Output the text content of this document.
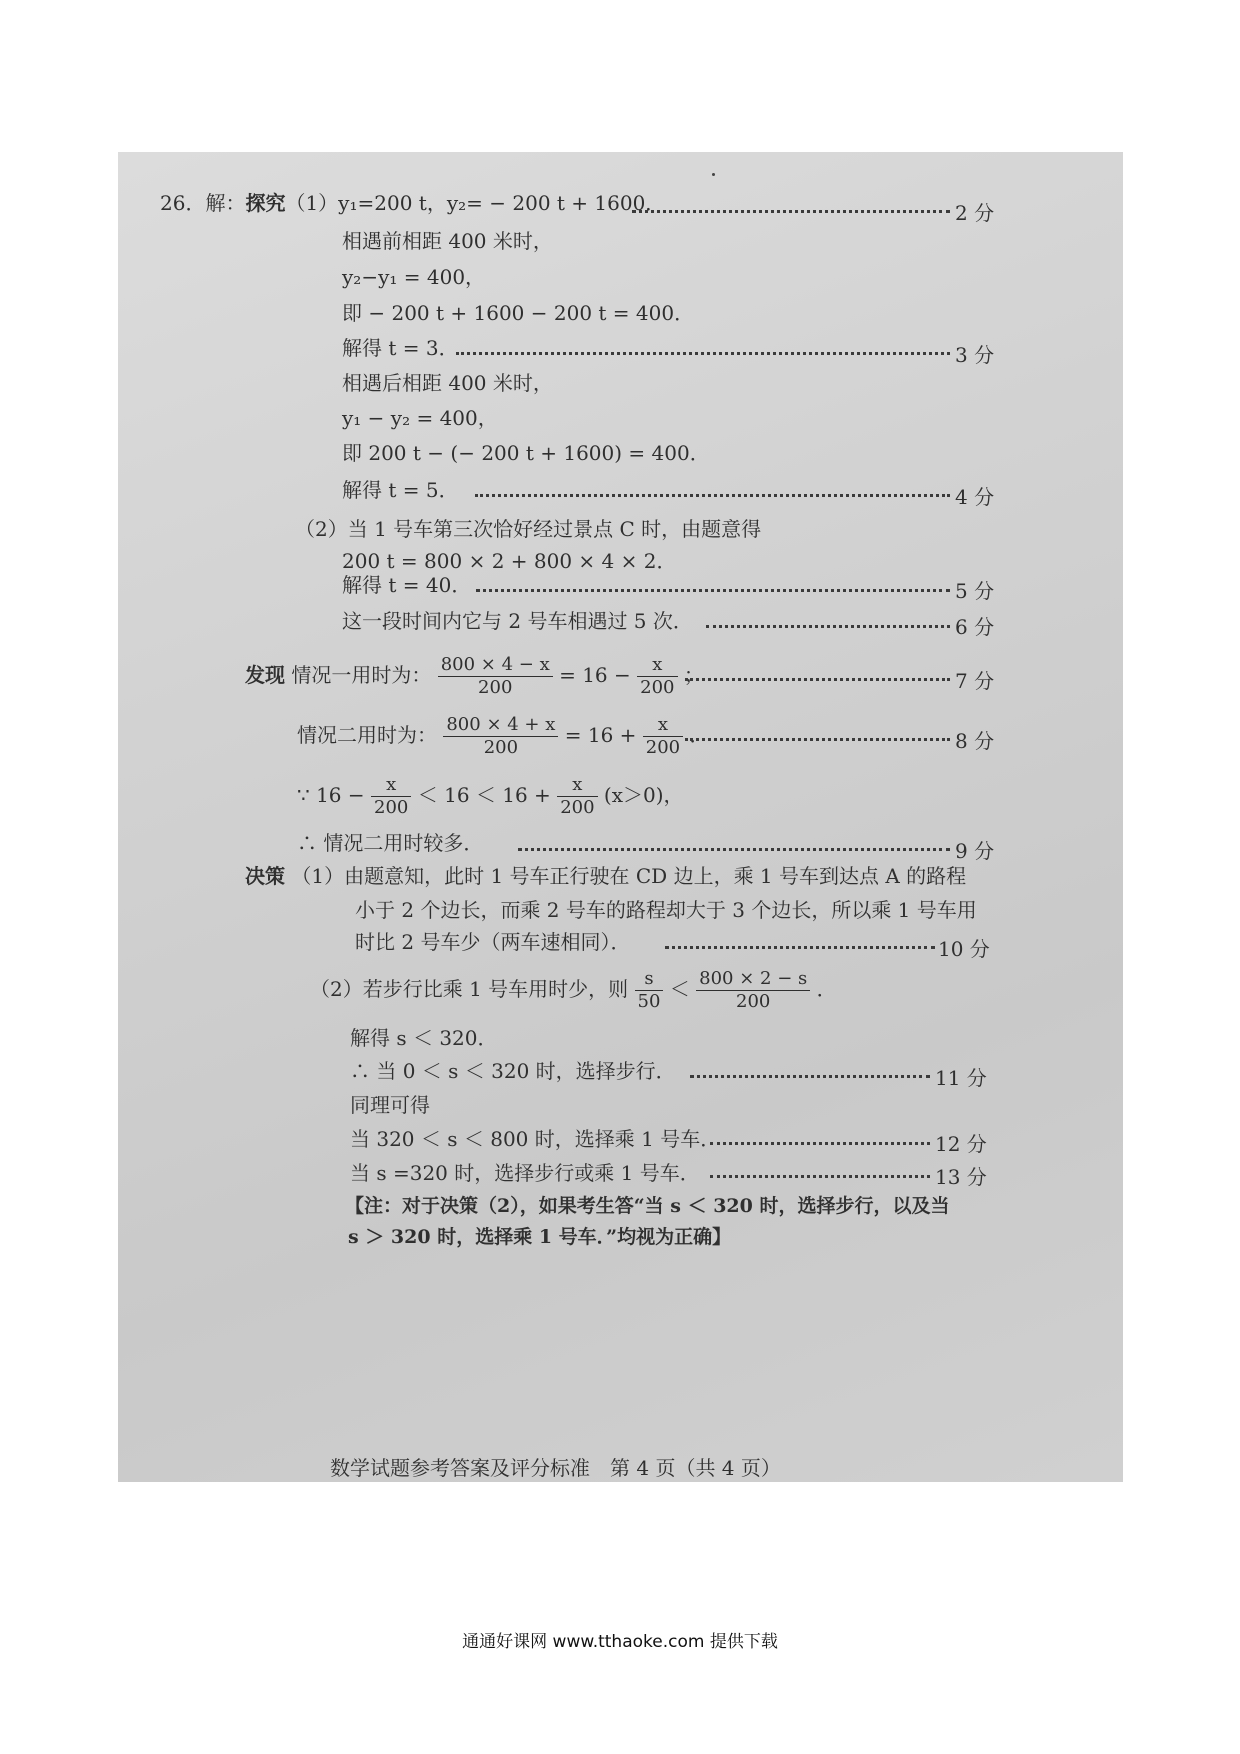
26．解：探究（1）y₁=200 t，y₂= − 200 t + 1600．	2 分
相遇前相距 400 米时，
y₂−y₁ = 400，
即 − 200 t + 1600 − 200 t = 400．
解得 t = 3．	3 分
相遇后相距 400 米时，
y₁ − y₂ = 400，
即 200 t − (− 200 t + 1600) = 400．
解得 t = 5．	4 分
（2）当 1 号车第三次恰好经过景点 C 时，由题意得
200 t = 800 × 2 + 800 × 4 × 2．
解得 t = 40．	5 分
这一段时间内它与 2 号车相遇过 5 次．	6 分
发现 情况一用时为： $\frac{800 \times 4 - x}{200} = 16 - \frac{x}{200}$ ；	7 分
情况二用时为： $\frac{800 \times 4 + x}{200} = 16 + \frac{x}{200}$ ．	8 分
∵ $16 - \frac{x}{200} < 16 < 16 + \frac{x}{200} (x>0)$，
∴ 情况二用时较多．	9 分
决策 （1）由题意知，此时 1 号车正行驶在 CD 边上，乘 1 号车到达点 A 的路程
小于 2 个边长，而乘 2 号车的路程却大于 3 个边长，所以乘 1 号车用
时比 2 号车少（两车速相同）．	10 分
（2）若步行比乘 1 号车用时少，则 $\frac{s}{50} < \frac{800 \times 2 - s}{200}$ ．
解得 s ＜ 320．
∴ 当 0 ＜ s ＜ 320 时，选择步行．	11 分
同理可得
当 320 ＜ s ＜ 800 时，选择乘 1 号车．	12 分
当 s =320 时，选择步行或乘 1 号车．	13 分
【注：对于决策（2），如果考生答“当 s ＜ 320 时，选择步行，以及当
s ＞ 320 时，选择乘 1 号车．”均视为正确】
数学试题参考答案及评分标准　第 4 页（共 4 页）
通通好课网 www.tthaoke.com 提供下载
